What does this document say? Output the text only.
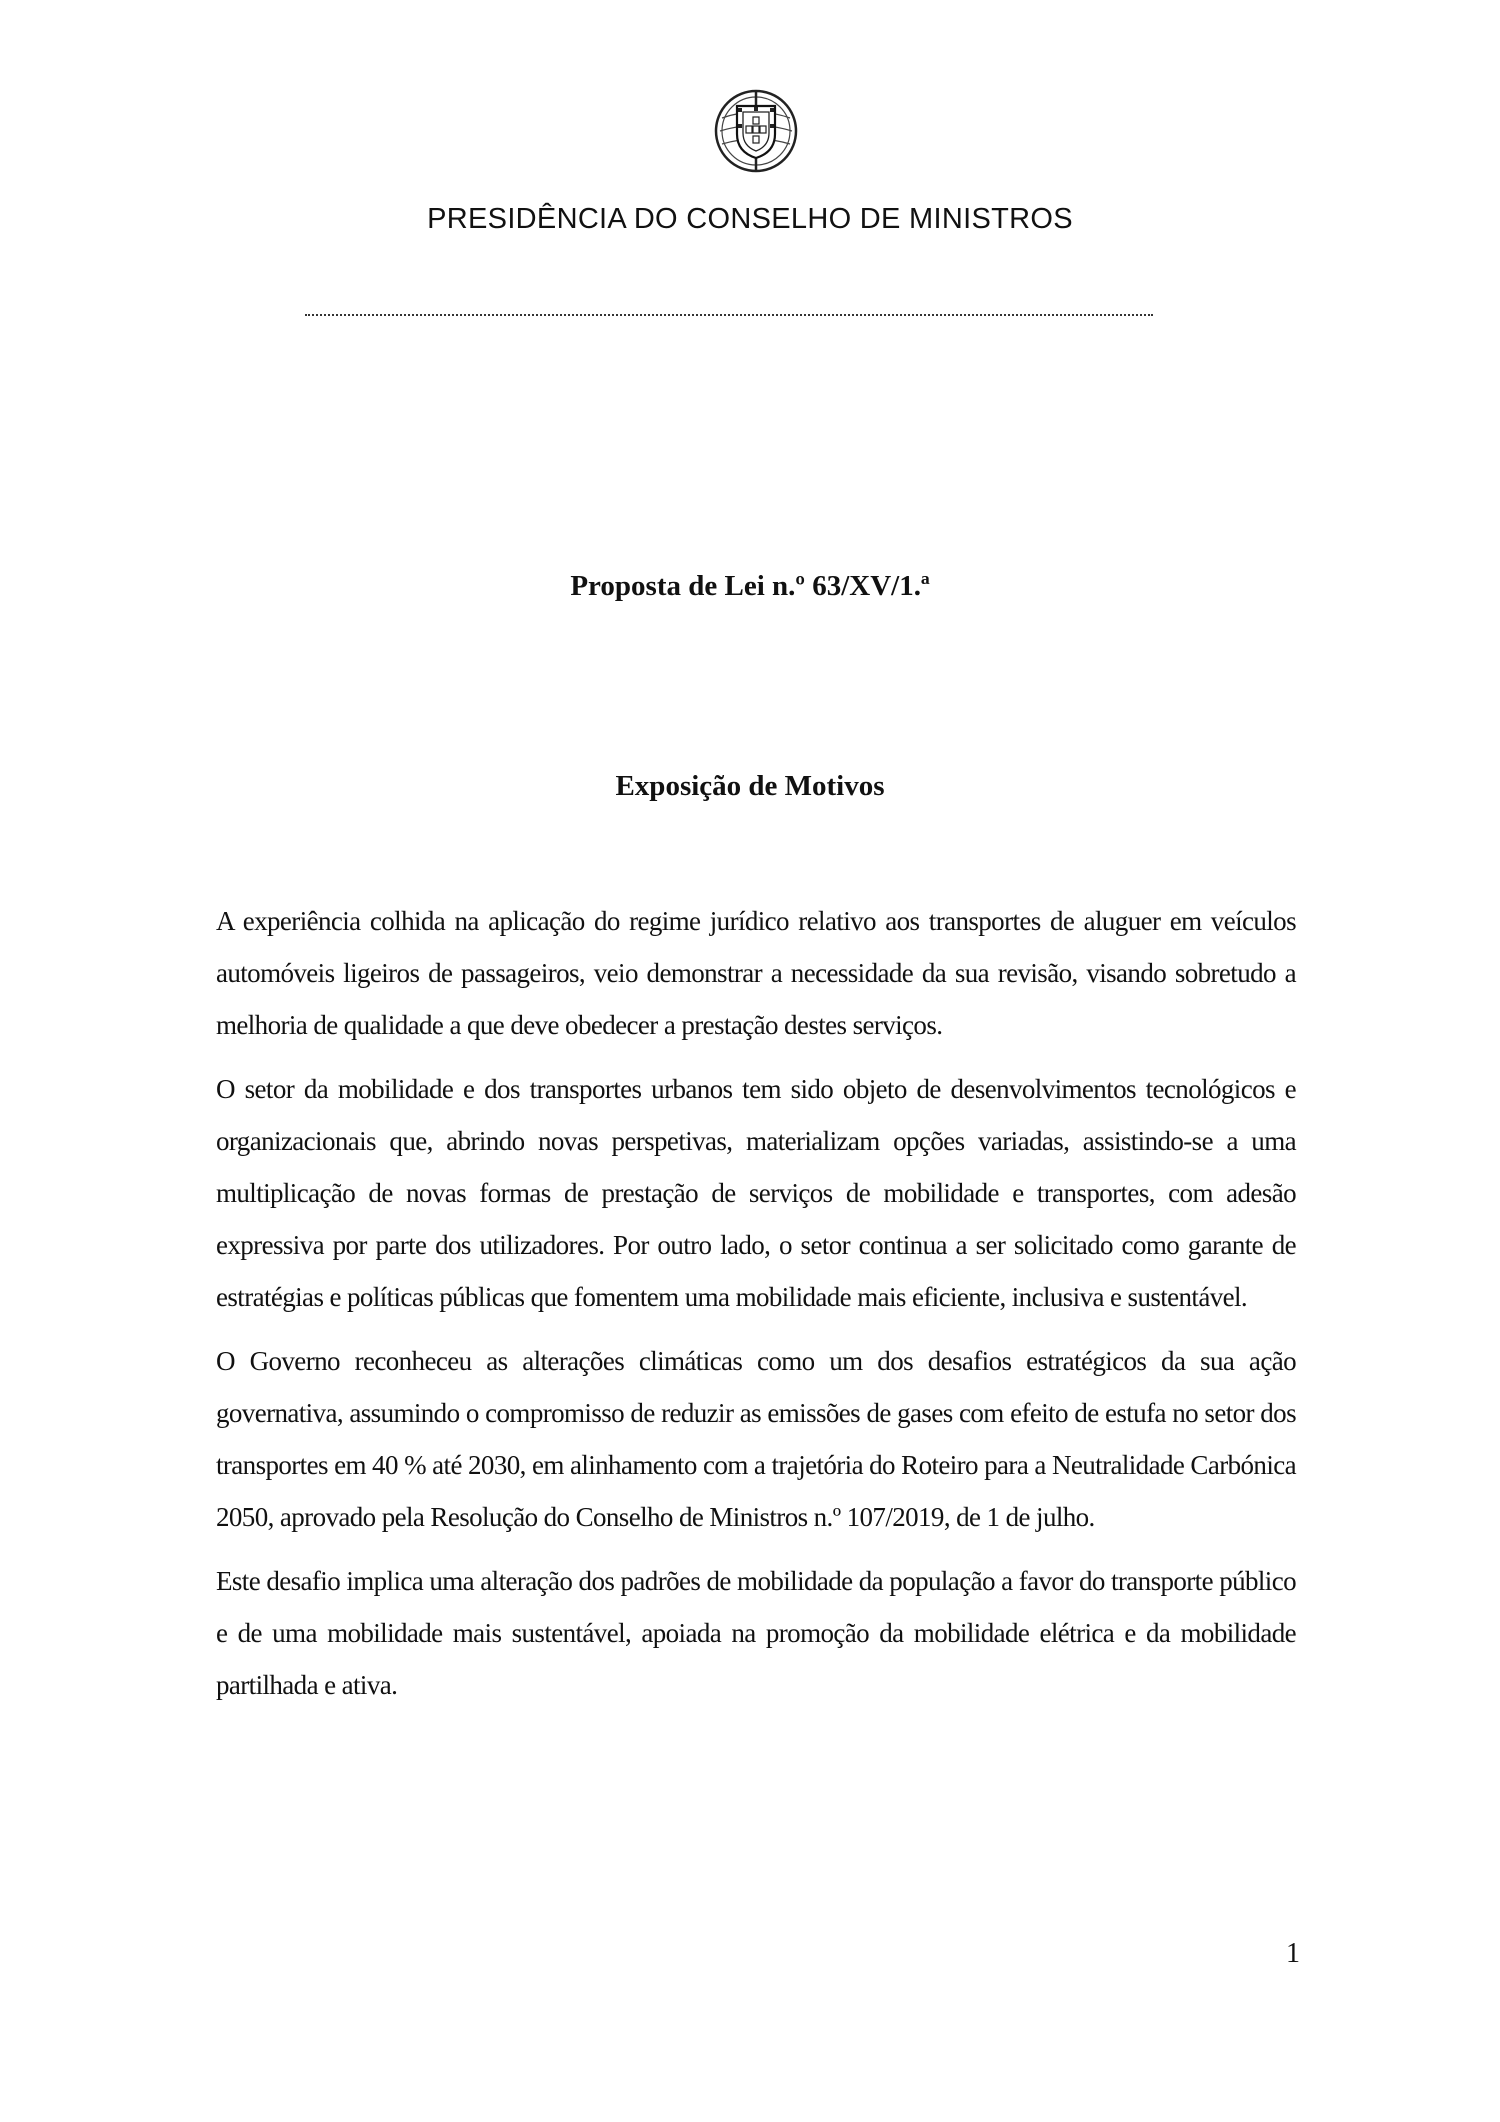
PRESIDÊNCIA DO CONSELHO DE MINISTROS
Proposta de Lei n.º 63/XV/1.ª
Exposição de Motivos

A experiência colhida na aplicação do regime jurídico relativo aos transportes de aluguer em veículos automóveis ligeiros de passageiros, veio demonstrar a necessidade da sua revisão, visando sobretudo a melhoria de qualidade a que deve obedecer a prestação destes serviços.

O setor da mobilidade e dos transportes urbanos tem sido objeto de desenvolvimentos tecnológicos e organizacionais que, abrindo novas perspetivas, materializam opções variadas, assistindo-se a uma multiplicação de novas formas de prestação de serviços de mobilidade e transportes, com adesão expressiva por parte dos utilizadores. Por outro lado, o setor continua a ser solicitado como garante de estratégias e políticas públicas que fomentem uma mobilidade mais eficiente, inclusiva e sustentável.

O Governo reconheceu as alterações climáticas como um dos desafios estratégicos da sua ação governativa, assumindo o compromisso de reduzir as emissões de gases com efeito de estufa no setor dos transportes em 40 % até 2030, em alinhamento com a trajetória do Roteiro para a Neutralidade Carbónica 2050, aprovado pela Resolução do Conselho de Ministros n.º 107/2019, de 1 de julho.

Este desafio implica uma alteração dos padrões de mobilidade da população a favor do transporte público e de uma mobilidade mais sustentável, apoiada na promoção da mobilidade elétrica e da mobilidade partilhada e ativa.

1
